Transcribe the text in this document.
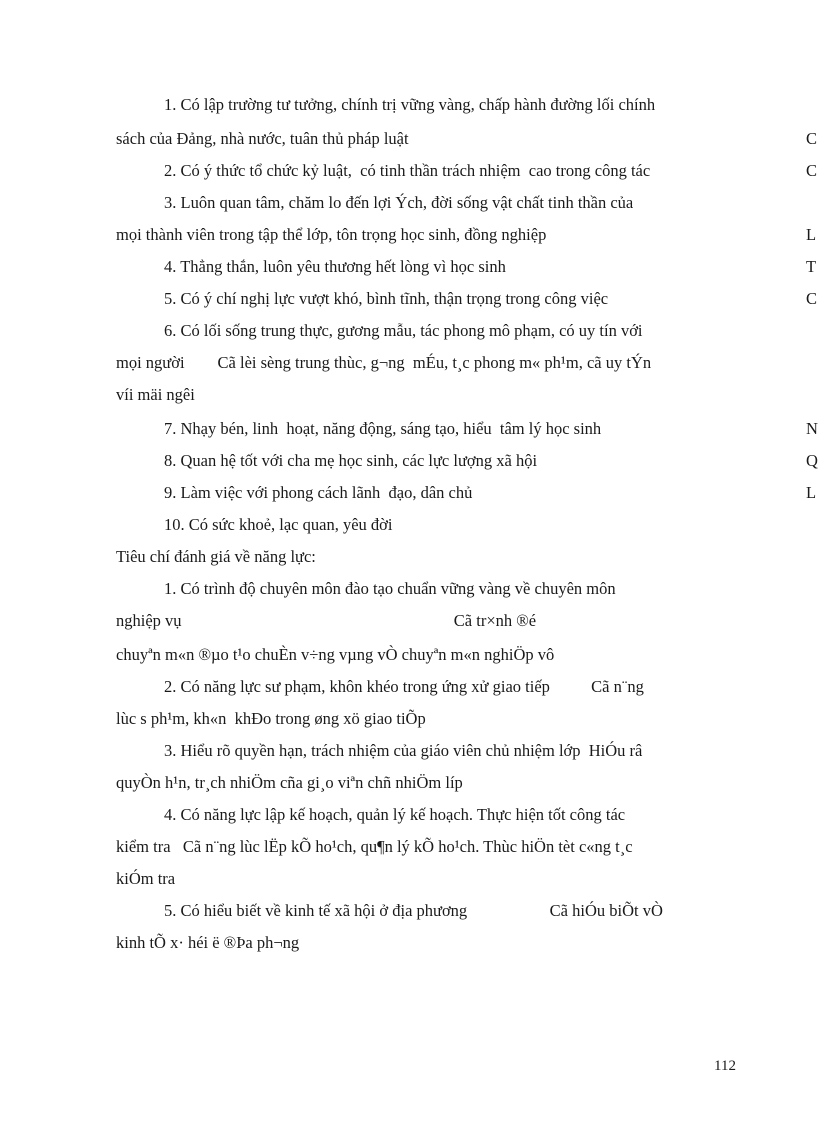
1. Có lập trường tư tưởng, chính trị vững vàng, chấp hành đường lối chính
sách của Đảng, nhà nước, tuân thủ pháp luật	C
2. Có ý thức tổ chức kỷ luật,  có tinh thần trách nhiệm  cao trong công tác	C
3. Luôn quan tâm, chăm lo đến lợi Ých, đời sống vật chất tinh thần của
mọi thành viên trong tập thể lớp, tôn trọng học sinh, đồng nghiệp	L
4. Thẳng thắn, luôn yêu thương hết lòng vì học sinh	T
5. Có ý chí nghị lực vượt khó, bình tĩnh, thận trọng trong công việc	C
6. Có lối sống trung thực, gương mẫu, tác phong mô phạm, có uy tín với
mọi người        Cã lèi sèng trung thùc, g¬ng  mÉu, t¸c phong m« ph¹m, cã uy tÝn
víi mäi ngêi
7. Nhạy bén, linh  hoạt, năng động, sáng tạo, hiểu  tâm lý học sinh	N
8. Quan hệ tốt với cha mẹ học sinh, các lực lượng xã hội	Q
9. Làm việc với phong cách lãnh  đạo, dân chủ	L
10. Có sức khoẻ, lạc quan, yêu đời
Tiêu chí đánh giá về năng lực:
1. Có trình độ chuyên môn đào tạo chuẩn vững vàng về chuyên môn
nghiệp vụ                                                                  Cã tr×nh ®é
chuyªn m«n ®µo t¹o chuÈn v÷ng vµng vÒ chuyªn m«n nghiÖp vô
2. Có năng lực sư phạm, khôn khéo trong ứng xử giao tiếp          Cã n¨ng
lùc s ph¹m, kh«n  khÐo trong øng xö giao tiÕp
3. Hiểu rõ quyền hạn, trách nhiệm của giáo viên chủ nhiệm lớp  HiÓu râ
quyÒn h¹n, tr¸ch nhiÖm cña gi¸o viªn chñ nhiÖm líp
4. Có năng lực lập kế hoạch, quản lý kế hoạch. Thực hiện tốt công tác
kiểm tra   Cã n¨ng lùc lËp kÕ ho¹ch, qu¶n lý kÕ ho¹ch. Thùc hiÖn tèt c«ng t¸c
kiÓm tra
5. Có hiểu biết về kinh tế xã hội ở địa phương                    Cã hiÓu biÕt vÒ
kinh tÕ x· héi ë ®Þa ph¬ng
112
